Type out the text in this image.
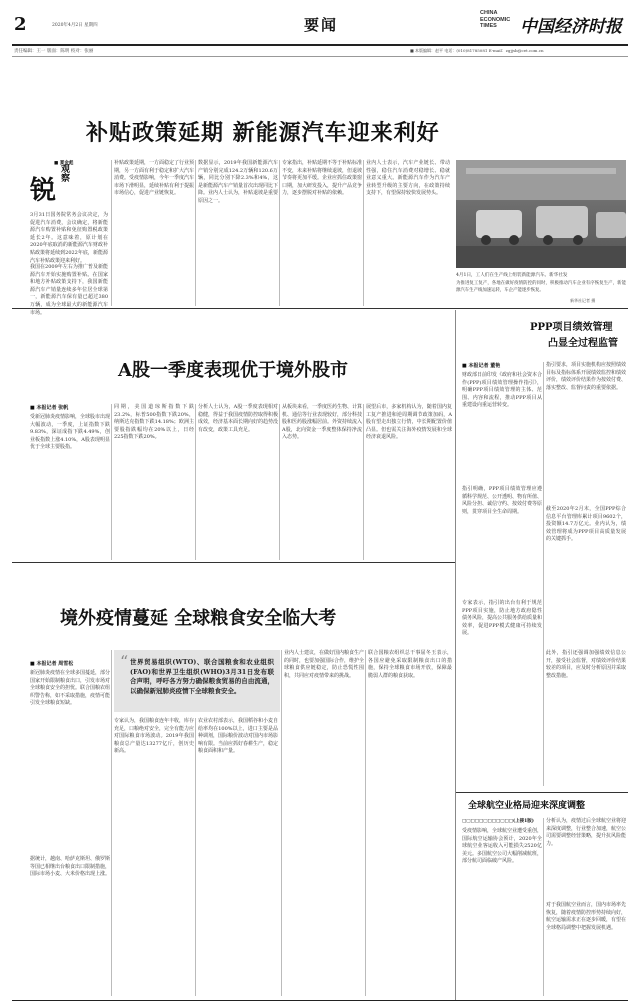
2	2020年4月2日 星期四	要闻
CHINA
ECONOMIC
TIMES	中国经济时报
责任编辑：王一 版面：陈明 校对：张丽	■ 本版编辑：赵平 电话：(010)81785081 E-mail：zgjjsb@cet.com.cn
补贴政策延期 新能源汽车迎来利好
锐
观察
■ 夏金彪
3月31日国务院常务会议决定，为促进汽车消费，会议确定，将新能源汽车购置补贴和免征购置税政策延长2年。这意味着，原计划在2020年底取消的新能源汽车财政补贴政策将延续到2022年底，新能源汽车补贴政策迎来利好。
我国在2009年左右为推广普及新能源汽车开始实施购置补贴。在国家和地方补贴政策支持下，我国新能源汽车产销量连续多年位居全球第一，新能源汽车保有量已超过380万辆，成为全球最大的新能源汽车市场。
补贴政策延期，一方面稳定了行业预期，另一方面有利于稳定和扩大汽车消费。受疫情影响，今年一季度汽车市场下滑明显，延续补贴有利于提振市场信心，促进产业链恢复。
数据显示，2019年我国新能源汽车产销分别完成124.2万辆和120.6万辆，同比分别下降2.3%和4%，这是新能源汽车产销量首次出现同比下降。业内人士认为，补贴退坡是重要原因之一。
专家指出，补贴延期不等于补贴标准不变，未来补贴将继续退坡，但退坡节奏将更加平缓。企业应抓住政策窗口期，加大研发投入，提升产品竞争力，逐步摆脱对补贴的依赖。
业内人士表示，汽车产业链长、带动性强，稳住汽车消费对稳增长、稳就业意义重大。新能源汽车作为汽车产业转型升级的主要方向，在政策持续支持下，有望保持较快发展势头。
4月1日，工人们在生产线上组装新能源汽车。新华社发
为推进复工复产，各地在做好疫情防控的同时，积极推动汽车企业有序恢复生产，新能源汽车生产线加速运转，车企产能逐步恢复。
新华社记者 摄
A股一季度表现优于境外股市
■ 本报记者 张帆
受新冠肺炎疫情影响，全球股市出现大幅波动，一季度，上证指数下跌9.83%，深证成指下跌4.49%，创业板指数上涨4.10%，A股表现明显优于全球主要股指。
同期，美国道琼斯指数下跌23.2%，标普500指数下跌20%，纳斯达克指数下跌14.18%；欧洲主要股指跌幅均在20%以上，日经225指数下跌20%。
分析人士认为，A股一季度表现相对稳健，得益于我国疫情防控取得积极成效，经济基本面长期向好的趋势没有改变，政策工具充足。
从板块来看，一季度医药生物、计算机、通信等行业表现较好，部分科技股和医药股涨幅居前。外资持续流入A股，北向资金一季度整体保持净流入态势。
展望后市，多家机构认为，随着国内复工复产推进和逆周期调节政策加码，A股有望走出独立行情，中长期配置价值凸显。但也需关注海外疫情发展和全球经济衰退风险。
PPP项目绩效管理
凸显全过程监管
■ 本报记者 董艳
财政部日前印发《政府和社会资本合作(PPP)项目绩效管理操作指引》，明确PPP项目绩效管理的主体、范围、内容和流程，推动PPP项目从重建设向重运营转变。
指引明确，PPP项目绩效管理应遵循科学规范、公开透明、物有所值、风险分担、诚信守约、按效付费等原则，贯穿项目全生命周期。
专家表示，指引的出台有利于规范PPP项目实施，防止地方政府隐性债务风险，提高公共服务供给质量和效率，促进PPP模式健康可持续发展。
指引要求，项目实施机构应按照绩效目标及指标体系开展绩效监控和绩效评价，绩效评价结果作为按效付费、落实整改、监督问责的重要依据。
截至2020年2月末，全国PPP综合信息平台管理库累计项目9602个，投资额14.7万亿元。业内认为，绩效管理将成为PPP项目高质量发展的关键抓手。
此外，指引还强调加强绩效信息公开，接受社会监督，对绩效评价结果较差的项目，应及时分析原因并采取整改措施。
境外疫情蔓延 全球粮食安全临大考
■ 本报记者 周雪松	“ 世界贸易组织(WTO)、联合国粮食和农业组织(FAO)和世界卫生组织(WHO)3月31日发布联合声明，呼吁各方努力确保粮食贸易的自由流通，以确保新冠肺炎疫情下全球粮食安全。
新冠肺炎疫情在全球多国蔓延，部分国家开始限制粮食出口，引发市场对全球粮食安全的担忧。联合国粮农组织警告称，如不采取措施，疫情可能引发全球粮食短缺。
据统计，越南、哈萨克斯坦、俄罗斯等国已相继出台粮食出口限制措施，国际市场小麦、大米价格出现上涨。
专家认为，我国粮食连年丰收，库存充足，口粮绝对安全，完全有能力应对国际粮食市场波动。2019年我国粮食总产量达13277亿斤，创历史新高。
农业农村部表示，我国稻谷和小麦自给率均在100%以上，进口主要是品种调剂，国际粮价波动对国内市场影响有限。当前应抓好春耕生产，稳定粮食面积和产量。
业内人士建议，在做好国内粮食生产的同时，也要加强国际合作，维护全球粮食供应链稳定，防止恐慌性囤积，共同应对疫情带来的挑战。
联合国粮农组织总干事屈冬玉表示，各国应避免采取限制粮食出口的措施，保持全球粮食市场开放，保障最脆弱人群的粮食获取。
全球航空业格局迎来深度调整
□□□□□□□□□□□□(上接1版)
受疫情影响，全球航空业遭受重创，国际航空运输协会预计，2020年全球航空业客运收入可能损失2520亿美元。多国航空公司大幅削减航班，部分航司面临破产风险。
分析认为，疫情过后全球航空业将迎来深度调整，行业整合加速，航空公司需要调整经营策略，提升抗风险能力。
对于我国航空业而言，国内市场率先恢复，随着疫情防控形势持续向好，航空运输需求正在逐步回暖，有望在全球格局调整中把握发展机遇。
